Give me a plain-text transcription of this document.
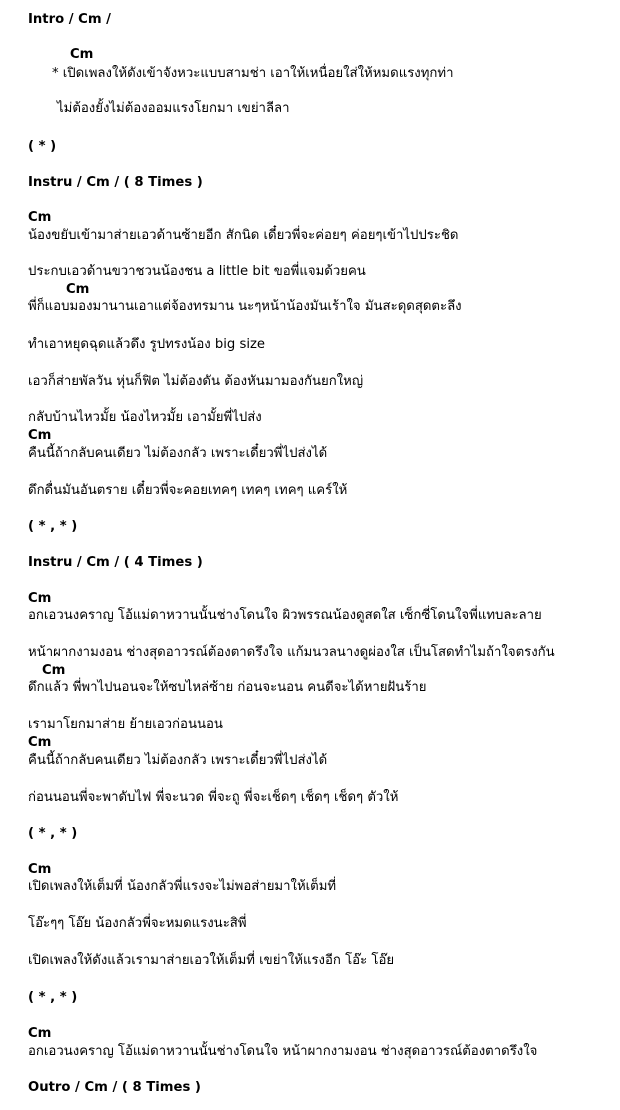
Intro / Cm /
Cm
* เปิดเพลงให้ดังเข้าจังหวะแบบสามช่า เอาให้เหนื่อยใส่ให้หมดแรงทุกท่า
ไม่ต้องยั้งไม่ต้องออมแรงโยกมา เขย่าลีลา
( * )
Instru / Cm / ( 8 Times )
Cm
น้องขยับเข้ามาส่ายเอวด้านซ้ายอีก สักนิด เดี๋ยวพี่จะค่อยๆ ค่อยๆเข้าไปประชิด
ประกบเอวด้านขวาชวนน้องชน a little bit ขอพี่แจมด้วยคน
Cm
พี่ก็แอบมองมานานเอาแต่จ้องทรมาน นะๆหน้าน้องมันเร้าใจ มันสะดุดสุดตะลึง
ทำเอาหยุดฉุดแล้วดึง รูปทรงน้อง big size
เอวก็ส่ายพัลวัน หุ่นก็ฟิต ไม่ต้องดัน ต้องหันมามองกันยกใหญ่
กลับบ้านไหวมั้ย น้องไหวมั้ย เอามั้ยพี่ไปส่ง
Cm
คืนนี้ถ้ากลับคนเดียว ไม่ต้องกลัว เพราะเดี๋ยวพี่ไปส่งได้
ดึกดื่นมันอันตราย เดี๋ยวพี่จะคอยเทคๆ เทคๆ เทคๆ แคร์ให้
( * , * )
Instru / Cm / ( 4 Times )
Cm
อกเอวนงคราญ โอ้แม่ดาหวานนั้นช่างโดนใจ ผิวพรรณน้องดูสดใส เซ็กซี่โดนใจพี่แทบละลาย
หน้าผากงามงอน ช่างสุดอาวรณ์ต้องตาดรึงใจ แก้มนวลนางดูผ่องใส เป็นโสดทำไมถ้าใจตรงกัน
Cm
ดึกแล้ว พี่พาไปนอนจะให้ซบไหล่ซ้าย ก่อนจะนอน คนดีจะได้หายฝันร้าย
เรามาโยกมาส่าย ย้ายเอวก่อนนอน
Cm
คืนนี้ถ้ากลับคนเดียว ไม่ต้องกลัว เพราะเดี๋ยวพี่ไปส่งได้
ก่อนนอนพี่จะพาดับไฟ พี่จะนวด พี่จะถู พี่จะเช็ดๆ เช็ดๆ เช็ดๆ ตัวให้
( * , * )
Cm
เปิดเพลงให้เต็มที่ น้องกลัวพี่แรงจะไม่พอส่ายมาให้เต็มที่
โอ๊ะๆๆ โอ๊ย น้องกลัวพี่จะหมดแรงนะสิพี่
เปิดเพลงให้ดังแล้วเรามาส่ายเอวให้เต็มที่ เขย่าให้แรงอีก โอ๊ะ โอ๊ย
( * , * )
Cm
อกเอวนงคราญ โอ้แม่ดาหวานนั้นช่างโดนใจ หน้าผากงามงอน ช่างสุดอาวรณ์ต้องตาดรึงใจ
Outro / Cm / ( 8 Times )
